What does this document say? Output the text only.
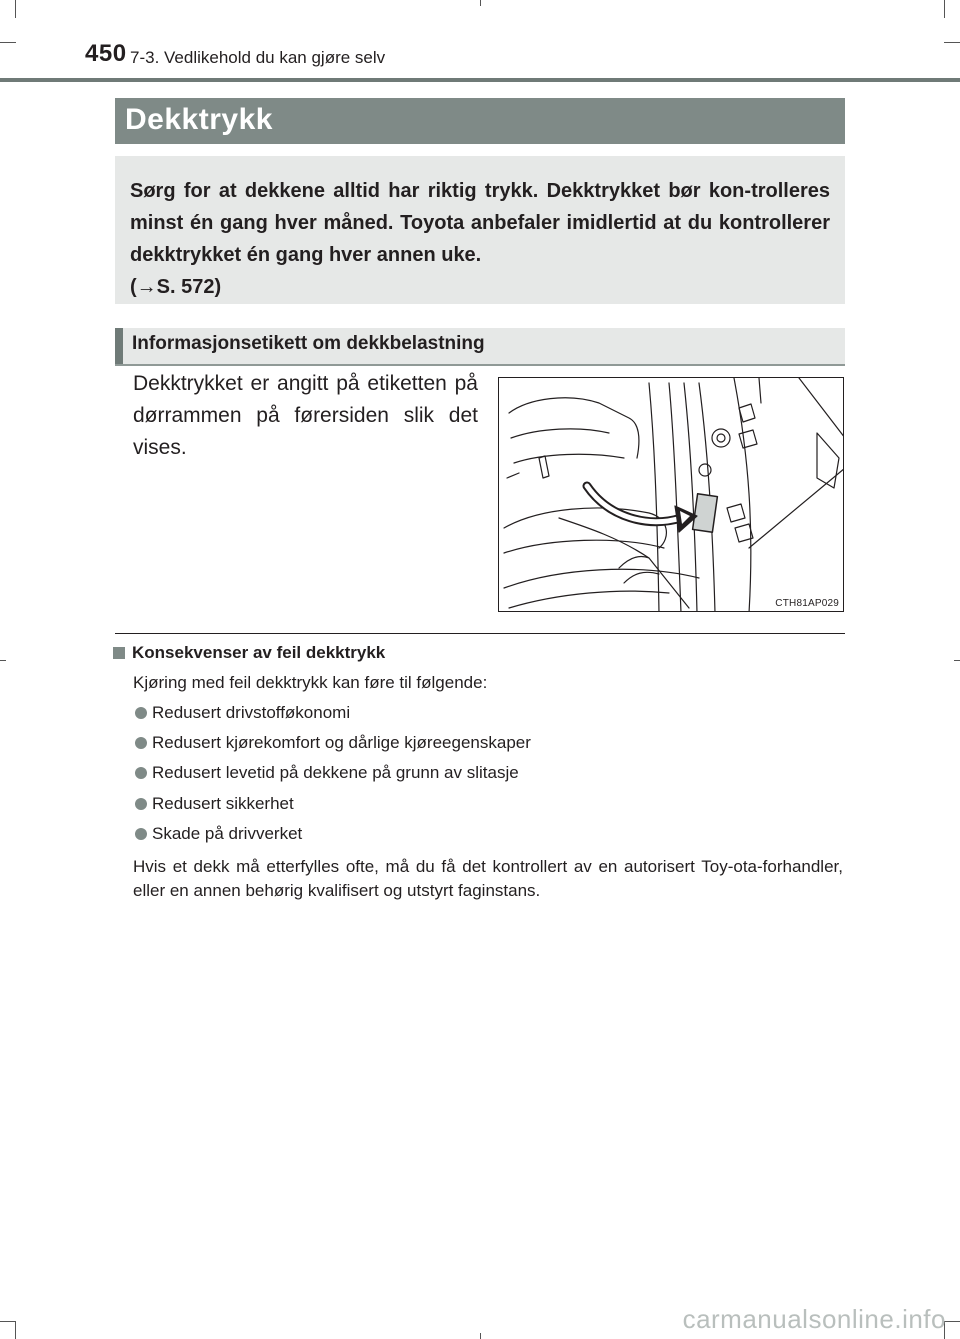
450 7-3. Vedlikehold du kan gjøre selv
Dekktrykk
Sørg for at dekkene alltid har riktig trykk. Dekktrykket bør kon-trolleres minst én gang hver måned. Toyota anbefaler imidlertid at du kontrollerer dekktrykket én gang hver annen uke.
(→S. 572)
Informasjonsetikett om dekkbelastning
Dekktrykket er angitt på etiketten på dørrammen på førersiden slik det vises.
CTH81AP029
Konsekvenser av feil dekktrykk
Kjøring med feil dekktrykk kan føre til følgende:
Redusert drivstofføkonomi
Redusert kjørekomfort og dårlige kjøreegenskaper
Redusert levetid på dekkene på grunn av slitasje
Redusert sikkerhet
Skade på drivverket
Hvis et dekk må etterfylles ofte, må du få det kontrollert av en autorisert Toy-ota-forhandler, eller en annen behørig kvalifisert og utstyrt faginstans.
carmanualsonline.info
